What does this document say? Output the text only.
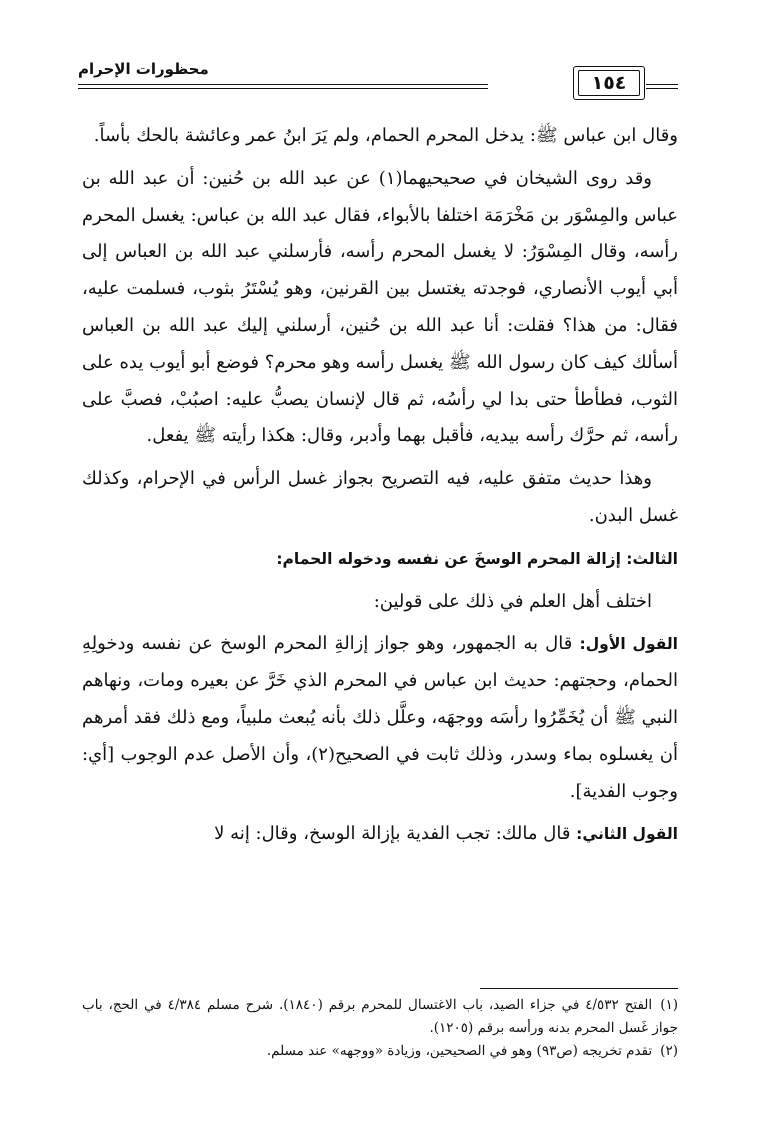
محظورات الإحرام
١٥٤

وقال ابن عباس ﷺ: يدخل المحرم الحمام، ولم يَرَ ابنُ عمر وعائشة بالحك بأساً.

وقد روى الشيخان في صحيحيهما(١) عن عبد الله بن حُنين: أن عبد الله بن عباس والمِسْوَر بن مَخْرَمَة اختلفا بالأبواء، فقال عبد الله بن عباس: يغسل المحرم رأسه، وقال المِسْوَرُ: لا يغسل المحرم رأسه، فأرسلني عبد الله بن العباس إلى أبي أيوب الأنصاري، فوجدته يغتسل بين القرنين، وهو يُسْتَرُ بثوب، فسلمت عليه، فقال: من هذا؟ فقلت: أنا عبد الله بن حُنين، أرسلني إليك عبد الله بن العباس أسألك كيف كان رسول الله ﷺ يغسل رأسه وهو محرم؟ فوضع أبو أيوب يده على الثوب، فطأطأ حتى بدا لي رأسُه، ثم قال لإنسان يصبُّ عليه: اصبُبْ، فصبَّ على رأسه، ثم حرَّك رأسه بيديه، فأقبل بهما وأدبر، وقال: هكذا رأيته ﷺ يفعل.

وهذا حديث متفق عليه، فيه التصريح بجواز غسل الرأس في الإحرام، وكذلك غسل البدن.

الثالث: إزالة المحرم الوسخَ عن نفسه ودخوله الحمام:

اختلف أهل العلم في ذلك على قولين:

القول الأول: قال به الجمهور، وهو جواز إزالةِ المحرم الوسخ عن نفسه ودخولِهِ الحمام، وحجتهم: حديث ابن عباس في المحرم الذي خَرَّ عن بعيره ومات، ونهاهم النبي ﷺ أن يُخَمِّرُوا رأسَه ووجهَه، وعلَّل ذلك بأنه يُبعث ملبياً، ومع ذلك فقد أمرهم أن يغسلوه بماء وسدر، وذلك ثابت في الصحيح(٢)، وأن الأصل عدم الوجوب [أي: وجوب الفدية].

القول الثاني: قال مالك: تجب الفدية بإزالة الوسخ، وقال: إنه لا

(١)الفتح ٤/٥٣٢ في جزاء الصيد، باب الاغتسال للمحرم برقم (١٨٤٠). شرح مسلم ٤/٣٨٤ في الحج، باب جواز غَسل المحرم بدنه ورأسه برقم (١٢٠٥).

(٢)تقدم تخريجه (ص٩٣) وهو في الصحيحين، وزيادة «ووجهه» عند مسلم.
